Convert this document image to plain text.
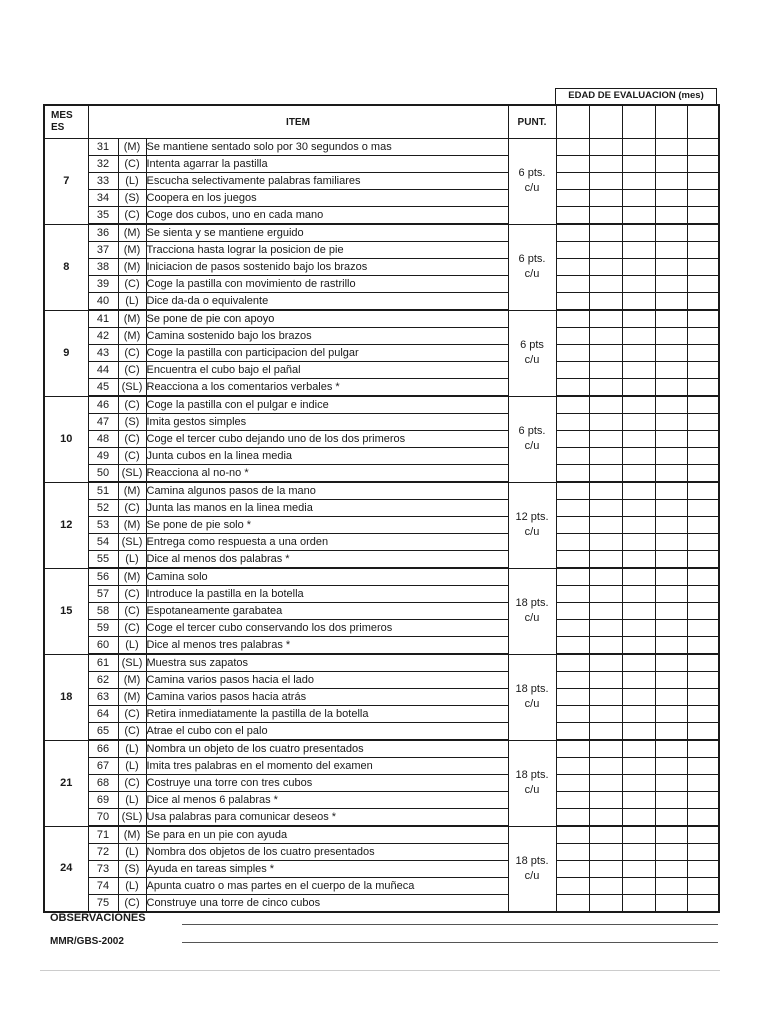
EDAD DE EVALUACION (mes)
MES
ES	ITEM			PUNT.					
7	31	(M)	Se mantiene sentado solo por 30 segundos o mas	6 pts.
c/u					
	32	(C)	Intenta agarrar la pastilla						
	33	(L)	Escucha selectivamente palabras familiares						
	34	(S)	Coopera en los juegos						
	35	(C)	Coge dos cubos, uno en cada mano						
8	36	(M)	Se sienta y se mantiene erguido	6 pts.
c/u					
	37	(M)	Tracciona hasta lograr la posicion de pie						
	38	(M)	Iniciacion de pasos sostenido bajo los brazos						
	39	(C)	Coge la pastilla con movimiento de rastrillo						
	40	(L)	Dice da-da o equivalente						
9	41	(M)	Se pone de pie con apoyo	6 pts
c/u					
	42	(M)	Camina sostenido bajo los brazos						
	43	(C)	Coge la pastilla con participacion del pulgar						
	44	(C)	Encuentra el cubo bajo el pañal						
	45	(SL)	Reacciona a los comentarios verbales *						
10	46	(C)	Coge la pastilla con el pulgar e indice	6 pts.
c/u					
	47	(S)	Imita gestos simples						
	48	(C)	Coge el tercer cubo dejando uno de los dos primeros						
	49	(C)	Junta cubos en la linea media						
	50	(SL)	Reacciona al no-no *						
12	51	(M)	Camina algunos pasos de la mano	12 pts.
c/u					
	52	(C)	Junta las manos en la linea media						
	53	(M)	Se pone de pie solo *						
	54	(SL)	Entrega como respuesta a una orden						
	55	(L)	Dice al menos dos palabras *						
15	56	(M)	Camina solo	18 pts.
c/u					
	57	(C)	Introduce la pastilla en la botella						
	58	(C)	Espotaneamente garabatea						
	59	(C)	Coge el tercer cubo conservando los dos primeros						
	60	(L)	Dice al menos tres palabras *						
18	61	(SL)	Muestra sus zapatos	18 pts.
c/u					
	62	(M)	Camina varios pasos hacia el lado						
	63	(M)	Camina varios pasos hacia atrás						
	64	(C)	Retira inmediatamente la pastilla de la botella						
	65	(C)	Atrae el cubo con el palo						
21	66	(L)	Nombra un objeto de los cuatro presentados	18 pts.
c/u					
	67	(L)	Imita tres palabras en el momento del examen						
	68	(C)	Costruye una torre con tres cubos						
	69	(L)	Dice al menos 6 palabras *						
	70	(SL)	Usa palabras para comunicar deseos *						
24	71	(M)	Se para en un pie con ayuda	18 pts.
c/u					
	72	(L)	Nombra dos objetos de los cuatro presentados						
	73	(S)	Ayuda en tareas simples *						
	74	(L)	Apunta cuatro o mas partes en el cuerpo de la muñeca						
	75	(C)	Construye una torre de cinco cubos						
OBSERVACIONES
MMR/GBS-2002
